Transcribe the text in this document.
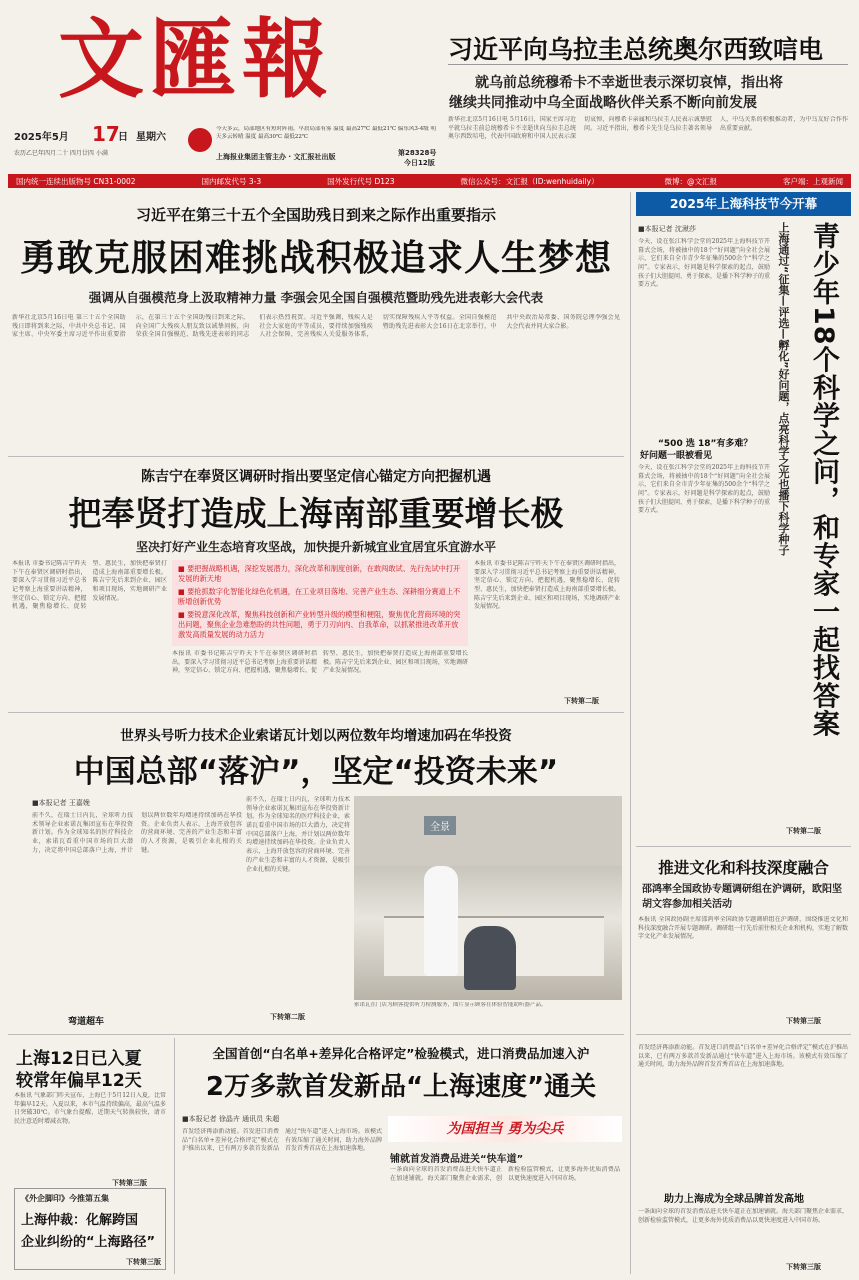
文匯報
2025年5月 17
日 星期六
农历乙巳年四月二十 四月廿四 小满
今天多云，局部地区有短时阵雨，早晨局部有雾 温度 最高27℃ 最低21℃ 偏东风3-4级 明天多云转晴 温度 最高30℃ 最低22℃
上海报业集团主管主办 · 文汇报社出版	第28328号
今日12版
习近平向乌拉圭总统奥尔西致唁电
就乌前总统穆希卡不幸逝世表示深切哀悼，指出将
继续共同推动中乌全面战略伙伴关系不断向前发展
新华社北京5月16日电 5月16日，国家主席习近平就乌拉圭前总统穆希卡不幸逝世向乌拉圭总统奥尔西致唁电，代表中国政府和中国人民表示深切哀悼，向穆希卡亲属和乌拉圭人民表示诚挚慰问。习近平指出，穆希卡先生是乌拉圭著名领导人，中乌关系的积极推动者，为中乌友好合作作出重要贡献。
国内统一连续出版物号 CN31-0002	国内邮发代号 3-3	国外发行代号 D123	微信公众号：文汇报（ID:wenhuidaily）	微博：@文汇报	客户端：上观新闻
习近平在第三十五个全国助残日到来之际作出重要指示
勇敢克服困难挑战积极追求人生梦想
强调从自强模范身上汲取精神力量 李强会见全国自强模范暨助残先进表彰大会代表
新华社北京5月16日电 第三十五个全国助残日即将到来之际，中共中央总书记、国家主席、中央军委主席习近平作出重要指示，在第三十五个全国助残日到来之际，向全国广大残疾人朋友致以诚挚问候，向荣获全国自强模范、助残先进表彰的同志们表示热烈祝贺。习近平强调，残疾人是社会大家庭的平等成员，要持续加强残疾人社会保障，完善残疾人关爱服务体系，切实保障残疾人平等权益。全国自强模范暨助残先进表彰大会16日在北京举行，中共中央政治局常委、国务院总理李强会见大会代表并同大家合影。
陈吉宁在奉贤区调研时指出要坚定信心锚定方向把握机遇
把奉贤打造成上海南部重要增长极
坚决打好产业生态培育攻坚战，加快提升新城宜业宜居宜乐宜游水平
本报讯 市委书记陈吉宁昨天下午在奉贤区调研时指出，要深入学习贯彻习近平总书记考察上海重要讲话精神，坚定信心、锁定方向、把握机遇，聚焦稳增长、促转型、惠民生，加快把奉贤打造成上海南部重要增长极。陈吉宁先后来到企业、园区和项目现场，实地调研产业发展情况。
■ 要把握战略机遇，深挖发展潜力，深化改革和制度创新，在敢闯敢试、先行先试中打开发展的新天地
■ 要抢抓数字化智能化绿色化机遇，在工业项目落地、完善产业生态、深耕细分赛道上不断增创新优势
■ 要锐意深化改革，聚焦科技创新和产业转型升级的模型和梗阻，聚焦优化营商环境的突出问题，聚焦企业急难愁盼的共性问题，勇于刀刃向内、自我革命，以抓紧推进改革开放激发高质量发展的动力活力
本报讯 市委书记陈吉宁昨天下午在奉贤区调研时指出，要深入学习贯彻习近平总书记考察上海重要讲话精神，坚定信心、锁定方向、把握机遇，聚焦稳增长、促转型、惠民生，加快把奉贤打造成上海南部重要增长极。陈吉宁先后来到企业、园区和项目现场，实地调研产业发展情况。
本报讯 市委书记陈吉宁昨天下午在奉贤区调研时指出，要深入学习贯彻习近平总书记考察上海重要讲话精神，坚定信心、锁定方向、把握机遇，聚焦稳增长、促转型、惠民生，加快把奉贤打造成上海南部重要增长极。陈吉宁先后来到企业、园区和项目现场，实地调研产业发展情况。
下转第二版
世界头号听力技术企业索诺瓦计划以两位数年均增速加码在华投资
中国总部“落沪”，坚定“投资未来”
■本报记者 王嘉娩
前不久，在瑞士日内瓦，全球听力技术领导企业索诺瓦集团宣布在华投资新计划。作为全球知名的医疗科技企业，索诺瓦看重中国市场的巨大潜力，决定将中国总部落户上海，并计划以两位数年均增速持续加码在华投资。企业负责人表示，上海开放包容的营商环境、完善的产业生态和丰富的人才资源，是吸引企业扎根的关键。
弯道超车
前不久，在瑞士日内瓦，全球听力技术领导企业索诺瓦集团宣布在华投资新计划。作为全球知名的医疗科技企业，索诺瓦看重中国市场的巨大潜力，决定将中国总部落户上海，并计划以两位数年均增速持续加码在华投资。企业负责人表示，上海开放包容的营商环境、完善的产业生态和丰富的人才资源，是吸引企业扎根的关键。
全景
索诺瓦在门店为顾客提供听力检测服务，图片显示顾客在体验智能助听器产品。
下转第二版
上海12日已入夏
较常年偏早12天
本报讯 气象部门昨天宣布，上海已于5月12日入夏，比常年偏早12天。入夏以来，本市气温持续偏高，最高气温多日突破30℃。市气象台提醒，近期天气转换较快，请市民注意适时增减衣物。
下转第三版
《外企脚印》今推第五集
上海仲裁：化解跨国
企业纠纷的“上海路径”
下转第三版
全国首创“白名单+差异化合格评定”检验模式，进口消费品加速入沪
2万多款首发新品“上海速度”通关
■本报记者 徐晶卉 通讯员 朱超
首发经济再添新动能。首发进口消费品“白名单+差异化合格评定”模式在沪推出以来，已有两万多款首发新品通过“快车道”进入上海市场。该模式有效压缩了通关时间，助力海外品牌首发首秀首店在上海加速落地。
为国担当 勇为尖兵
铺就首发消费品进关“快车道”
一条面向全球的首发消费品进关快车道正在加速铺就。海关部门聚焦企业需求，创新检验监管模式，让更多海外优质消费品以更快速度进入中国市场。
2025年上海科技节今开幕
■本报记者 沈湫莎
今天，设在张江科学会堂的2025年上海科技节开幕式会场，将被抽中的18个“好问题”向全社会展示，它们来自全市青少年征集的500余个“科学之问”。专家表示，好问题是科学探索的起点，鼓励孩子们大胆提问、勇于探索，是播下科学种子的重要方式。
“500 选 18”有多难？
好问题一眼被看见
今天，设在张江科学会堂的2025年上海科技节开幕式会场，将被抽中的18个“好问题”向全社会展示，它们来自全市青少年征集的500余个“科学之问”。专家表示，好问题是科学探索的起点，鼓励孩子们大胆提问、勇于探索，是播下科学种子的重要方式。	上海通过“征集—评选—孵化”好问题，点亮科学之光也播下科学种子 青少年18个科学之问，和专家一起找答案
下转第二版
推进文化和科技深度融合
邵鸿率全国政协专题调研组在沪调研，欧阳坚胡文容参加相关活动
本报讯 全国政协副主席邵鸿率全国政协专题调研组在沪调研，围绕推进文化和科技深度融合开展专题调研。调研组一行先后前往相关企业和机构，实地了解数字文化产业发展情况。
下转第三版
首发经济再添新动能。首发进口消费品“白名单+差异化合格评定”模式在沪推出以来，已有两万多款首发新品通过“快车道”进入上海市场。该模式有效压缩了通关时间，助力海外品牌首发首秀首店在上海加速落地。
助力上海成为全球品牌首发高地
一条面向全球的首发消费品进关快车道正在加速铺就。海关部门聚焦企业需求，创新检验监管模式，让更多海外优质消费品以更快速度进入中国市场。
下转第三版
